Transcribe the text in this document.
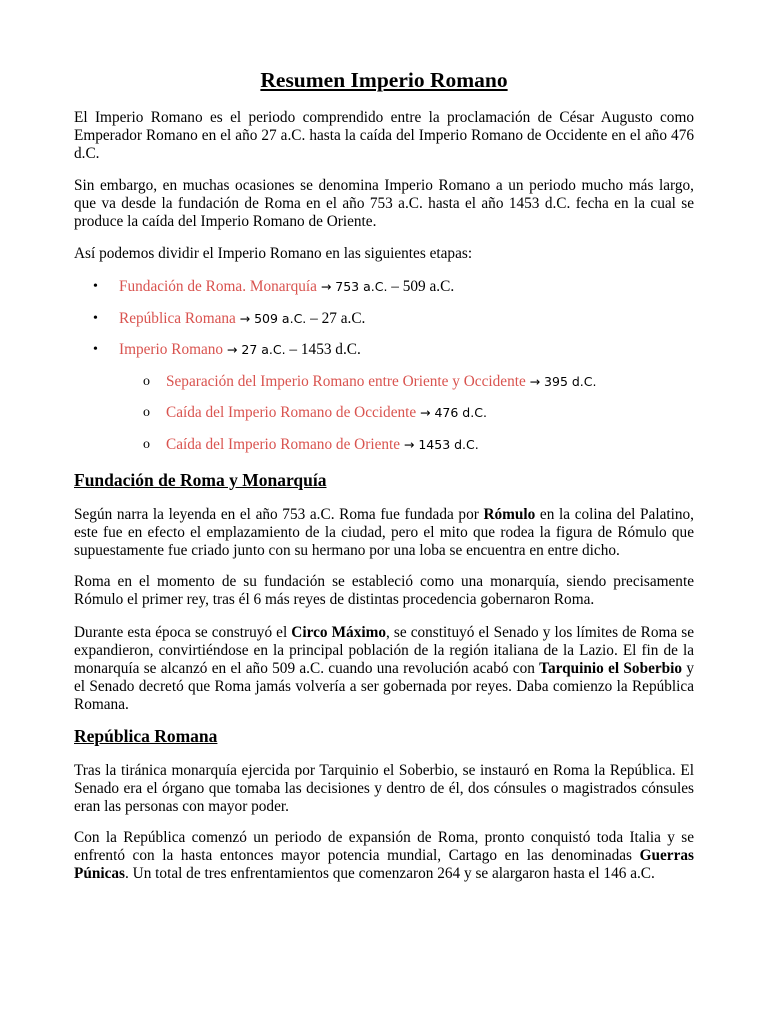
Resumen Imperio Romano

El Imperio Romano es el periodo comprendido entre la proclamación de César Augusto como Emperador Romano en el año 27 a.C. hasta la caída del Imperio Romano de Occidente en el año 476 d.C.

Sin embargo, en muchas ocasiones se denomina Imperio Romano a un periodo mucho más largo, que va desde la fundación de Roma en el año 753 a.C. hasta el año 1453 d.C. fecha en la cual se produce la caída del Imperio Romano de Oriente.

Así podemos dividir el Imperio Romano en las siguientes etapas:

• Fundación de Roma. Monarquía → 753 a.C. – 509 a.C.

• República Romana → 509 a.C. – 27 a.C.

• Imperio Romano → 27 a.C. – 1453 d.C.

o Separación del Imperio Romano entre Oriente y Occidente → 395 d.C.

o Caída del Imperio Romano de Occidente → 476 d.C.

o Caída del Imperio Romano de Oriente → 1453 d.C.

Fundación de Roma y Monarquía

Según narra la leyenda en el año 753 a.C. Roma fue fundada por Rómulo en la colina del Palatino, este fue en efecto el emplazamiento de la ciudad, pero el mito que rodea la figura de Rómulo que supuestamente fue criado junto con su hermano por una loba se encuentra en entre dicho.

Roma en el momento de su fundación se estableció como una monarquía, siendo precisamente Rómulo el primer rey, tras él 6 más reyes de distintas procedencia gobernaron Roma.

Durante esta época se construyó el Circo Máximo, se constituyó el Senado y los límites de Roma se expandieron, convirtiéndose en la principal población de la región italiana de la Lazio. El fin de la monarquía se alcanzó en el año 509 a.C. cuando una revolución acabó con Tarquinio el Soberbio y el Senado decretó que Roma jamás volvería a ser gobernada por reyes. Daba comienzo la República Romana.

República Romana

Tras la tiránica monarquía ejercida por Tarquinio el Soberbio, se instauró en Roma la República. El Senado era el órgano que tomaba las decisiones y dentro de él, dos cónsules o magistrados cónsules eran las personas con mayor poder.

Con la República comenzó un periodo de expansión de Roma, pronto conquistó toda Italia y se enfrentó con la hasta entonces mayor potencia mundial, Cartago en las denominadas Guerras Púnicas. Un total de tres enfrentamientos que comenzaron 264 y se alargaron hasta el 146 a.C.
